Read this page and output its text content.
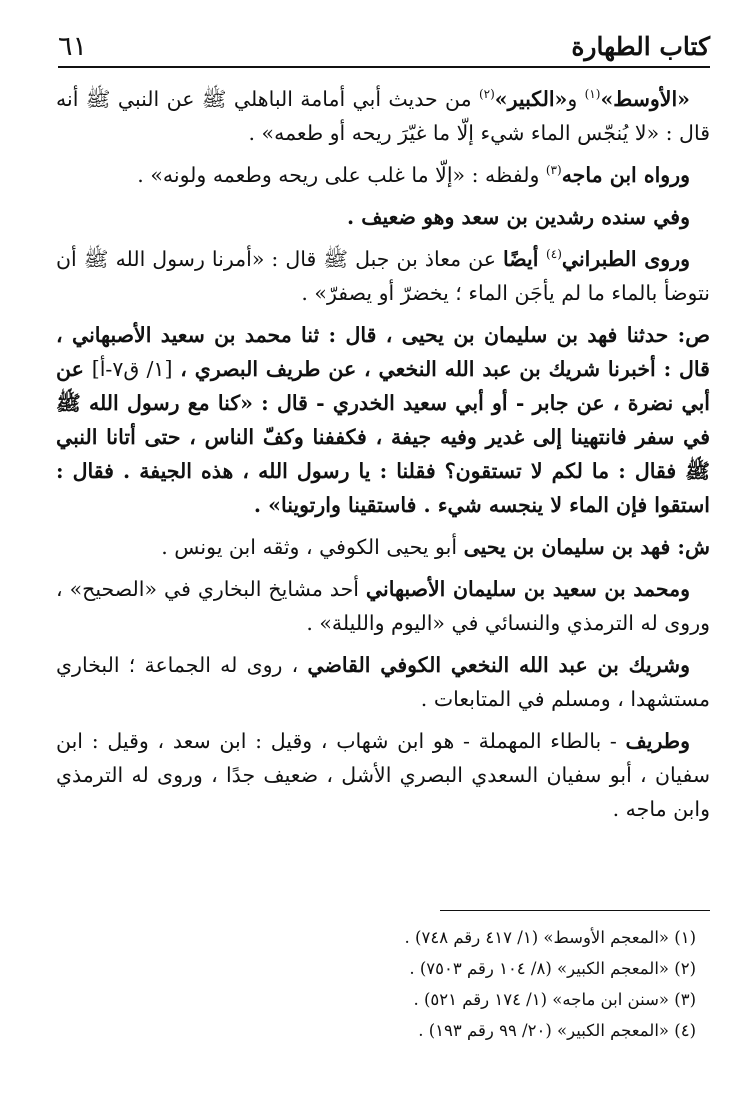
كتاب الطهارة
٦١
«الأوسط»$^{(١)}$ و«الكبير»$^{(٢)}$ من حديث أبي أمامة الباهلي ﷺ عن النبي ﷺ أنه قال : «لا يُنجّس الماء شيء إلّا ما غيّرَ ريحه أو طعمه» .
ورواه ابن ماجه$^{(٣)}$ ولفظه : «إلّا ما غلب على ريحه وطعمه ولونه» .
وفي سنده رشدين بن سعد وهو ضعيف .
وروى الطبراني$^{(٤)}$ أيضًا عن معاذ بن جبل ﷺ قال : «أمرنا رسول الله ﷺ أن نتوضأ بالماء ما لم يأجَن الماء ؛ يخضرّ أو يصفرّ» .
ص: حدثنا فهد بن سليمان بن يحيى ، قال : ثنا محمد بن سعيد الأصبهاني ، قال : أخبرنا شريك بن عبد الله النخعي ، عن طريف البصري ، [١/ ق٧-أ] عن أبي نضرة ، عن جابر - أو أبي سعيد الخدري - قال : «كنا مع رسول الله ﷺ في سفر فانتهينا إلى غدير وفيه جيفة ، فكففنا وكفّ الناس ، حتى أتانا النبي ﷺ فقال : ما لكم لا تستقون؟ فقلنا : يا رسول الله ، هذه الجيفة . فقال : استقوا فإن الماء لا ينجسه شيء . فاستقينا وارتوينا» .
ش: فهد بن سليمان بن يحيى أبو يحيى الكوفي ، وثقه ابن يونس .
ومحمد بن سعيد بن سليمان الأصبهاني أحد مشايخ البخاري في «الصحيح» ، وروى له الترمذي والنسائي في «اليوم والليلة» .
وشريك بن عبد الله النخعي الكوفي القاضي ، روى له الجماعة ؛ البخاري مستشهدا ، ومسلم في المتابعات .
وطريف - بالطاء المهملة - هو ابن شهاب ، وقيل : ابن سعد ، وقيل : ابن سفيان ، أبو سفيان السعدي البصري الأشل ، ضعيف جدًا ، وروى له الترمذي وابن ماجه .
(١) «المعجم الأوسط» (١/ ٤١٧ رقم ٧٤٨) .
(٢) «المعجم الكبير» (٨/ ١٠٤ رقم ٧٥٠٣) .
(٣) «سنن ابن ماجه» (١/ ١٧٤ رقم ٥٢١) .
(٤) «المعجم الكبير» (٢٠/ ٩٩ رقم ١٩٣) .
